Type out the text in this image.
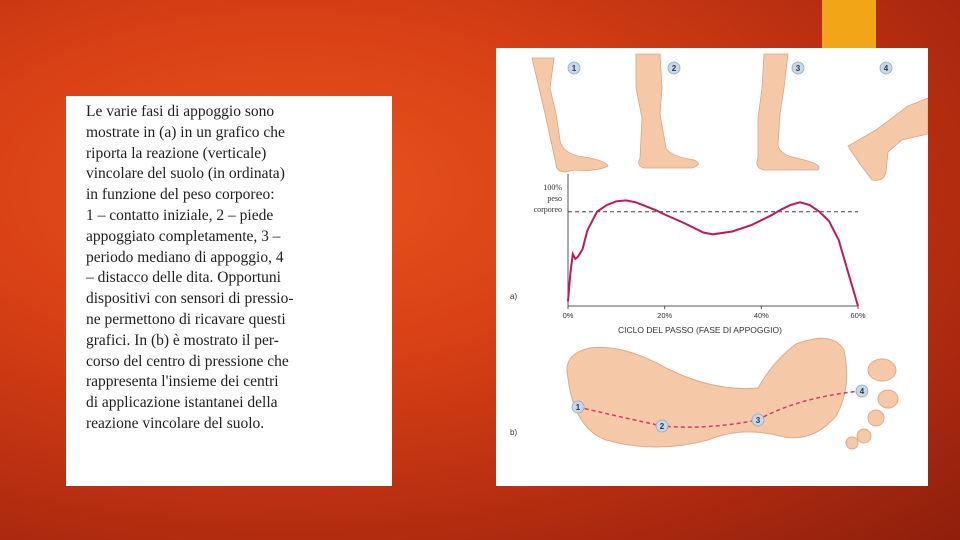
Le varie fasi di appoggio sono
mostrate in (a) in un grafico che
riporta la reazione (verticale)
vincolare del suolo (in ordinata)
in funzione del peso corporeo:
1 – contatto iniziale, 2 – piede
appoggiato completamente, 3 –
periodo mediano di appoggio, 4
– distacco delle dita. Opportuni
dispositivi con sensori di pressio-
ne permettono di ricavare questi
grafici. In (b) è mostrato il per-
corso del centro di pressione che
rappresenta l'insieme dei centri
di applicazione istantanei della
reazione vincolare del suolo.

1	2	3	4
100%
peso
corporeo
0%	20%	40%	60%
CICLO DEL PASSO (FASE DI APPOGGIO)
a)
1
2
3
4
b)
